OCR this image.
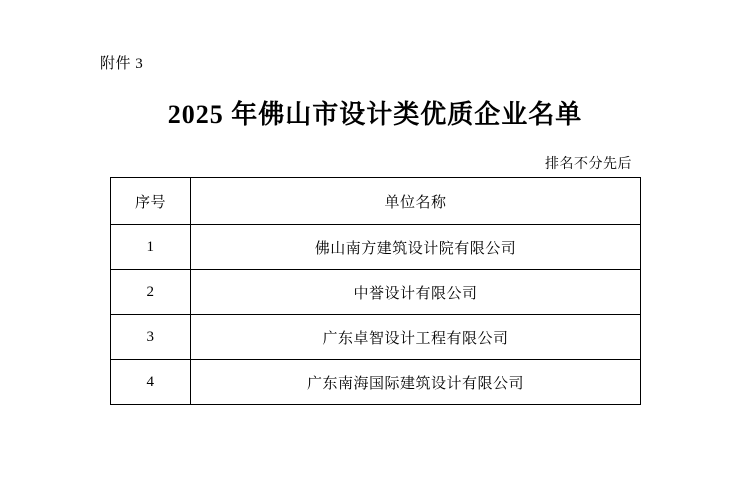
附件 3
2025 年佛山市设计类优质企业名单
排名不分先后
序号	单位名称
1	佛山南方建筑设计院有限公司
2	中誉设计有限公司
3	广东卓智设计工程有限公司
4	广东南海国际建筑设计有限公司
